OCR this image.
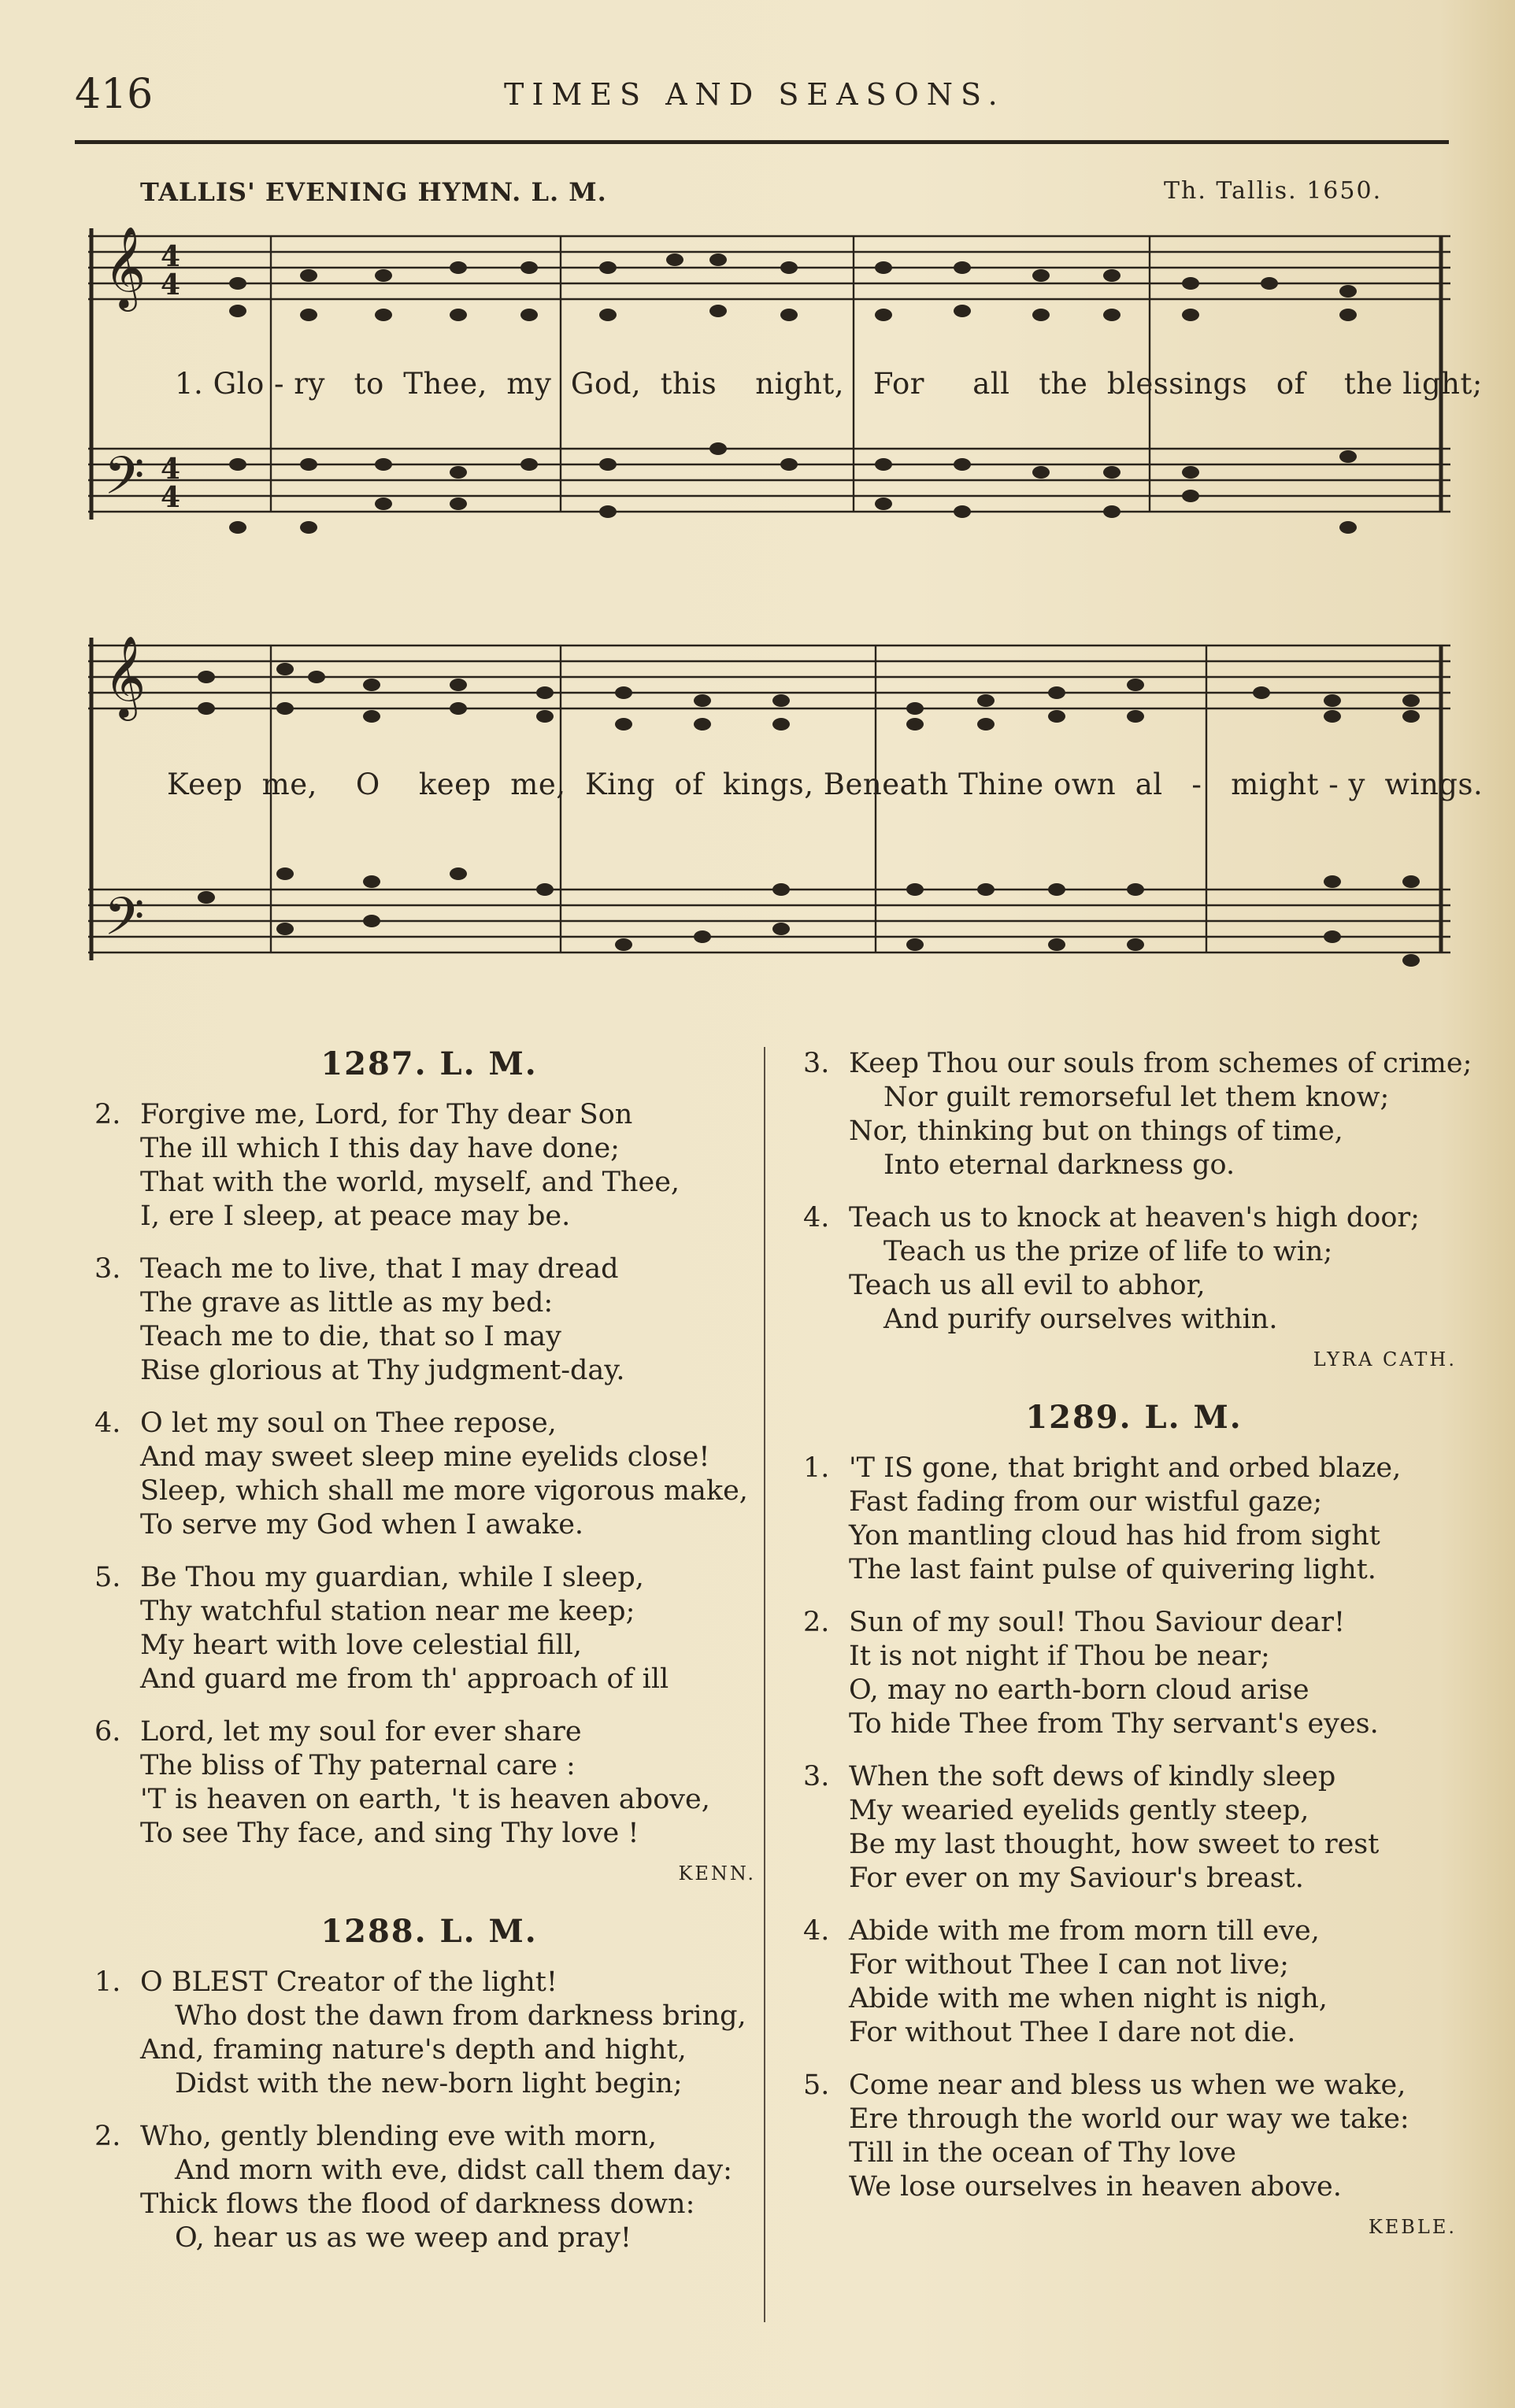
416	TIMES AND SEASONS.
TALLIS' EVENING HYMN. L. M.	Th. Tallis. 1650.
𝄞
𝄢
4
4
4
4
1. Glo - ry   to  Thee,  my  God,  this    night,   For     all   the  blessings   of    the light;
𝄞
𝄢
Keep  me,    O    keep  me,  King  of  kings, Beneath Thine own  al   -   might - y  wings.
1287. L. M.
2. Forgive me, Lord, for Thy dear Son
The ill which I this day have done;
That with the world, myself, and Thee,
I, ere I sleep, at peace may be.
3. Teach me to live, that I may dread
The grave as little as my bed:
Teach me to die, that so I may
Rise glorious at Thy judgment-day.
4. O let my soul on Thee repose,
And may sweet sleep mine eyelids close!
Sleep, which shall me more vigorous make,
To serve my God when I awake.
5. Be Thou my guardian, while I sleep,
Thy watchful station near me keep;
My heart with love celestial fill,
And guard me from th' approach of ill
6. Lord, let my soul for ever share
The bliss of Thy paternal care :
'T is heaven on earth, 't is heaven above,
To see Thy face, and sing Thy love !
KENN.
1288. L. M.
1. O BLEST Creator of the light!
Who dost the dawn from darkness bring,
And, framing nature's depth and hight,
Didst with the new-born light begin;
2. Who, gently blending eve with morn,
And morn with eve, didst call them day:
Thick flows the flood of darkness down:
O, hear us as we weep and pray!
3. Keep Thou our souls from schemes of crime;
Nor guilt remorseful let them know;
Nor, thinking but on things of time,
Into eternal darkness go.
4. Teach us to knock at heaven's high door;
Teach us the prize of life to win;
Teach us all evil to abhor,
And purify ourselves within.
LYRA CATH.
1289. L. M.
1. 'T IS gone, that bright and orbed blaze,
Fast fading from our wistful gaze;
Yon mantling cloud has hid from sight
The last faint pulse of quivering light.
2. Sun of my soul! Thou Saviour dear!
It is not night if Thou be near;
O, may no earth-born cloud arise
To hide Thee from Thy servant's eyes.
3. When the soft dews of kindly sleep
My wearied eyelids gently steep,
Be my last thought, how sweet to rest
For ever on my Saviour's breast.
4. Abide with me from morn till eve,
For without Thee I can not live;
Abide with me when night is nigh,
For without Thee I dare not die.
5. Come near and bless us when we wake,
Ere through the world our way we take:
Till in the ocean of Thy love
We lose ourselves in heaven above.
KEBLE.
